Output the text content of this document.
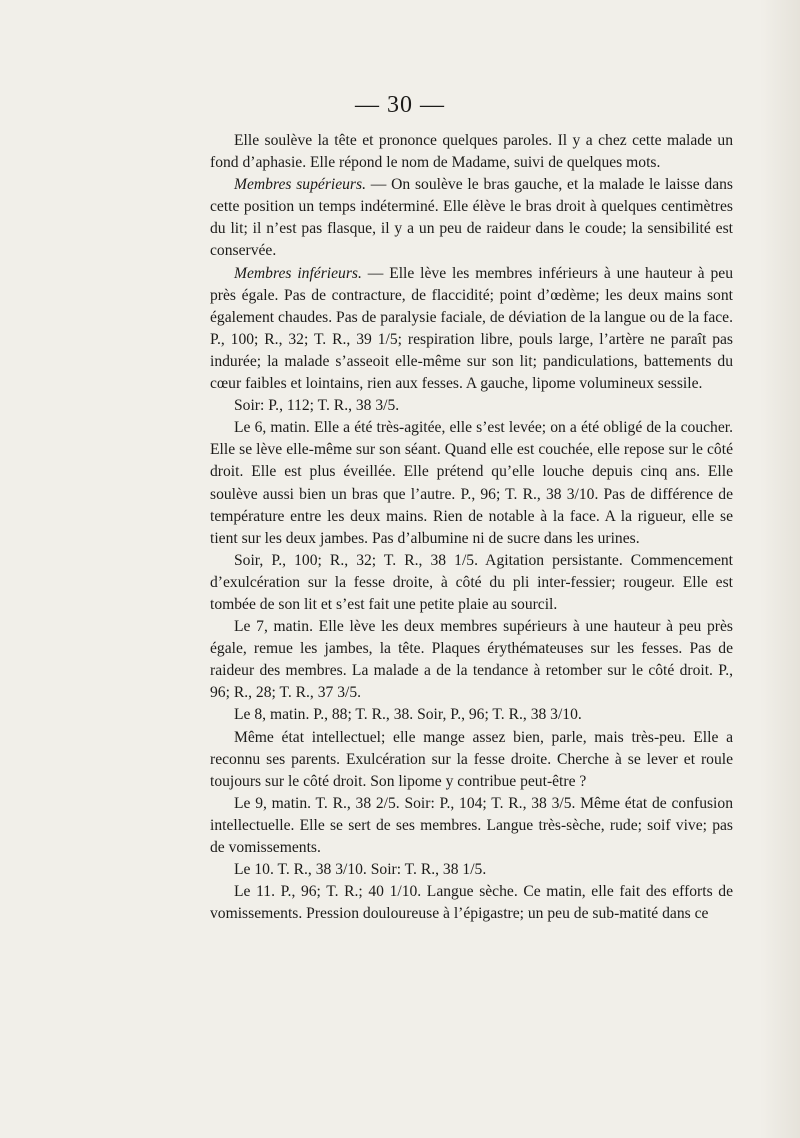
— 30 —

Elle soulève la tête et prononce quelques paroles. Il y a chez cette malade un fond d’aphasie. Elle répond le nom de Madame, suivi de quelques mots.

Membres supérieurs. — On soulève le bras gauche, et la malade le laisse dans cette position un temps indéterminé. Elle élève le bras droit à quelques centimètres du lit; il n’est pas flasque, il y a un peu de raideur dans le coude; la sensibilité est conservée.

Membres inférieurs. — Elle lève les membres inférieurs à une hauteur à peu près égale. Pas de contracture, de flaccidité; point d’œdème; les deux mains sont également chaudes. Pas de paralysie faciale, de déviation de la langue ou de la face. P., 100; R., 32; T. R., 39 1/5; respiration libre, pouls large, l’artère ne paraît pas indurée; la malade s’asseoit elle-même sur son lit; pandiculations, battements du cœur faibles et lointains, rien aux fesses. A gauche, lipome volumineux sessile.

Soir: P., 112; T. R., 38 3/5.

Le 6, matin. Elle a été très-agitée, elle s’est levée; on a été obligé de la coucher. Elle se lève elle-même sur son séant. Quand elle est couchée, elle repose sur le côté droit. Elle est plus éveillée. Elle prétend qu’elle louche depuis cinq ans. Elle soulève aussi bien un bras que l’autre. P., 96; T. R., 38 3/10. Pas de différence de température entre les deux mains. Rien de notable à la face. A la rigueur, elle se tient sur les deux jambes. Pas d’albumine ni de sucre dans les urines.

Soir, P., 100; R., 32; T. R., 38 1/5. Agitation persistante. Commencement d’exulcération sur la fesse droite, à côté du pli inter-fessier; rougeur. Elle est tombée de son lit et s’est fait une petite plaie au sourcil.

Le 7, matin. Elle lève les deux membres supérieurs à une hauteur à peu près égale, remue les jambes, la tête. Plaques érythémateuses sur les fesses. Pas de raideur des membres. La malade a de la tendance à retomber sur le côté droit. P., 96; R., 28; T. R., 37 3/5.

Le 8, matin. P., 88; T. R., 38. Soir, P., 96; T. R., 38 3/10.

Même état intellectuel; elle mange assez bien, parle, mais très-peu. Elle a reconnu ses parents. Exulcération sur la fesse droite. Cherche à se lever et roule toujours sur le côté droit. Son lipome y contribue peut-être ?

Le 9, matin. T. R., 38 2/5. Soir: P., 104; T. R., 38 3/5. Même état de confusion intellectuelle. Elle se sert de ses membres. Langue très-sèche, rude; soif vive; pas de vomissements.

Le 10. T. R., 38 3/10. Soir: T. R., 38 1/5.

Le 11. P., 96; T. R.; 40 1/10. Langue sèche. Ce matin, elle fait des efforts de vomissements. Pression douloureuse à l’épigastre; un peu de sub-matité dans ce
